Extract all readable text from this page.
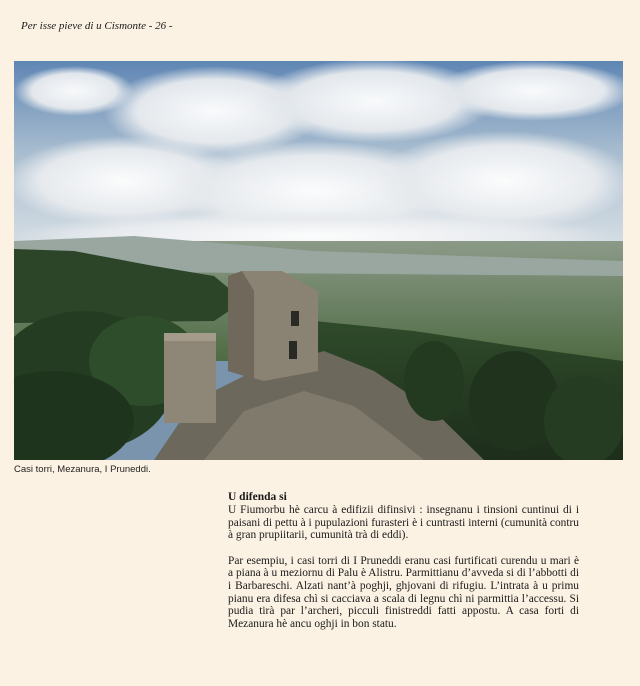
Per isse pieve di u Cismonte - 26 -
Casi torri, Mezanura, I Pruneddi.
U difenda si

U Fiumorbu hè carcu à edifizii difinsivi : insegnanu i tinsioni cuntinui di i paisani di pettu à i pupulazioni furasteri è i cuntrasti interni (cumunità contru à gran prupiitarii, cumunità trà di eddi).

Par esempiu, i casi torri di I Pruneddi eranu casi furtificati curendu u mari è a piana à u meziornu di Palu è Alistru. Parmittianu d’avveda si di l’abbotti di i Barbareschi. Alzati nant’à poghji, ghjovani di rifugiu. L’intrata à u primu pianu era difesa chì si cacciava a scala di legnu chì ni parmittia l’accessu. Si pudia tirà par l’archeri, picculi finistreddi fatti appostu. A casa forti di Mezanura hè ancu oghji in bon statu.
